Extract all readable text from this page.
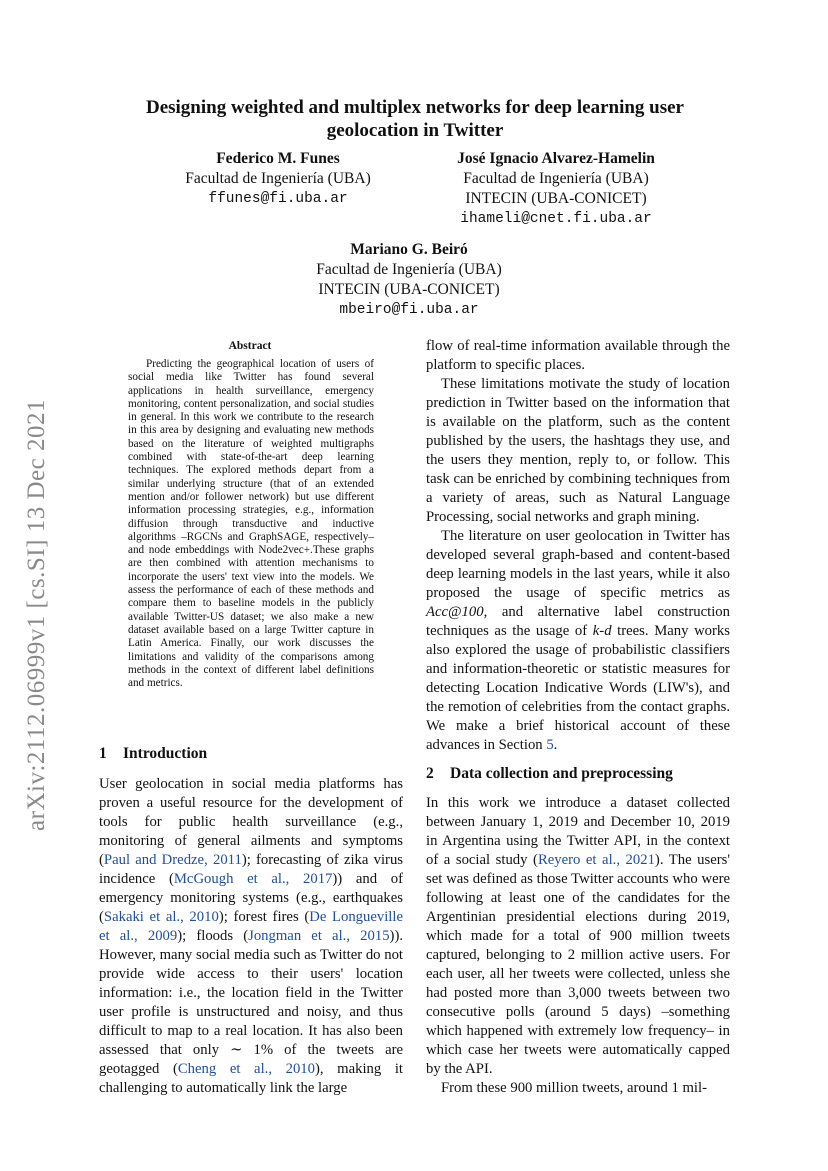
arXiv:2112.06999v1 [cs.SI] 13 Dec 2021
Designing weighted and multiplex networks for deep learning user geolocation in Twitter
Federico M. Funes
Facultad de Ingeniería (UBA)
ffunes@fi.uba.ar
José Ignacio Alvarez-Hamelin
Facultad de Ingeniería (UBA)
INTECIN (UBA-CONICET)
ihameli@cnet.fi.uba.ar
Mariano G. Beiró
Facultad de Ingeniería (UBA)
INTECIN (UBA-CONICET)
mbeiro@fi.uba.ar
Abstract
Predicting the geographical location of users of social media like Twitter has found several applications in health surveillance, emergency monitoring, content personalization, and social studies in general. In this work we contribute to the research in this area by designing and evaluating new methods based on the literature of weighted multigraphs combined with state-of-the-art deep learning techniques. The explored methods depart from a similar underlying structure (that of an extended mention and/or follower network) but use different information processing strategies, e.g., information diffusion through transductive and inductive algorithms –RGCNs and GraphSAGE, respectively– and node embeddings with Node2vec+.These graphs are then combined with attention mechanisms to incorporate the users' text view into the models. We assess the performance of each of these methods and compare them to baseline models in the publicly available Twitter-US dataset; we also make a new dataset available based on a large Twitter capture in Latin America. Finally, our work discusses the limitations and validity of the comparisons among methods in the context of different label definitions and metrics.
1 Introduction

User geolocation in social media platforms has proven a useful resource for the development of tools for public health surveillance (e.g., monitoring of general ailments and symptoms (Paul and Dredze, 2011); forecasting of zika virus incidence (McGough et al., 2017)) and of emergency monitoring systems (e.g., earthquakes (Sakaki et al., 2010); forest fires (De Longueville et al., 2009); floods (Jongman et al., 2015)). However, many social media such as Twitter do not provide wide access to their users' location information: i.e., the location field in the Twitter user profile is unstructured and noisy, and thus difficult to map to a real location. It has also been assessed that only ∼ 1% of the tweets are geotagged (Cheng et al., 2010), making it challenging to automatically link the large

flow of real-time information available through the platform to specific places.

These limitations motivate the study of location prediction in Twitter based on the information that is available on the platform, such as the content published by the users, the hashtags they use, and the users they mention, reply to, or follow. This task can be enriched by combining techniques from a variety of areas, such as Natural Language Processing, social networks and graph mining.

The literature on user geolocation in Twitter has developed several graph-based and content-based deep learning models in the last years, while it also proposed the usage of specific metrics as Acc@100, and alternative label construction techniques as the usage of k-d trees. Many works also explored the usage of probabilistic classifiers and information-theoretic or statistic measures for detecting Location Indicative Words (LIW's), and the remotion of celebrities from the contact graphs. We make a brief historical account of these advances in Section 5.

2 Data collection and preprocessing

In this work we introduce a dataset collected between January 1, 2019 and December 10, 2019 in Argentina using the Twitter API, in the context of a social study (Reyero et al., 2021). The users' set was defined as those Twitter accounts who were following at least one of the candidates for the Argentinian presidential elections during 2019, which made for a total of 900 million tweets captured, belonging to 2 million active users. For each user, all her tweets were collected, unless she had posted more than 3,000 tweets between two consecutive polls (around 5 days) –something which happened with extremely low frequency– in which case her tweets were automatically capped by the API.

From these 900 million tweets, around 1 mil-
